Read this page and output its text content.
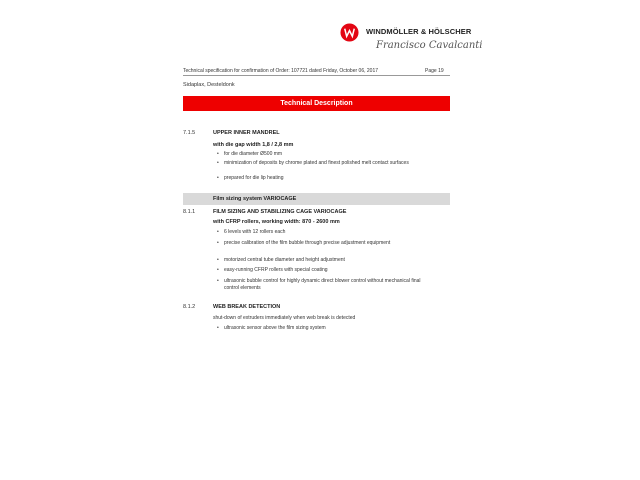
WINDMÖLLER & HÖLSCHER
Francisco Cavalcanti
Technical specification for confirmation of Order: 107721 dated Friday, October 06, 2017	Page 19
Sidaplax, Desteldonk
Technical Description
7.1.5	UPPER INNER MANDREL
with die gap width 1,8 / 2,8 mm
• for die diameter Ø500 mm
• minimization of deposits by chrome plated and finest polished melt contact surfaces
• prepared for die lip heating
Film sizing system VARIOCAGE
8.1.1	FILM SIZING AND STABILIZING CAGE VARIOCAGE
with CFRP rollers, working width: 870 - 2600 mm
• 6 levels with 12 rollers each
• precise calibration of the film bubble through precise adjustment equipment
• motorized central tube diameter and height adjustment
• easy-running CFRP rollers with special coating
• ultrasonic bubble control for highly dynamic direct blower control without mechanical final control elements
8.1.2	WEB BREAK DETECTION
shut-down of extruders immediately when web break is detected
• ultrasonic sensor above the film sizing system
